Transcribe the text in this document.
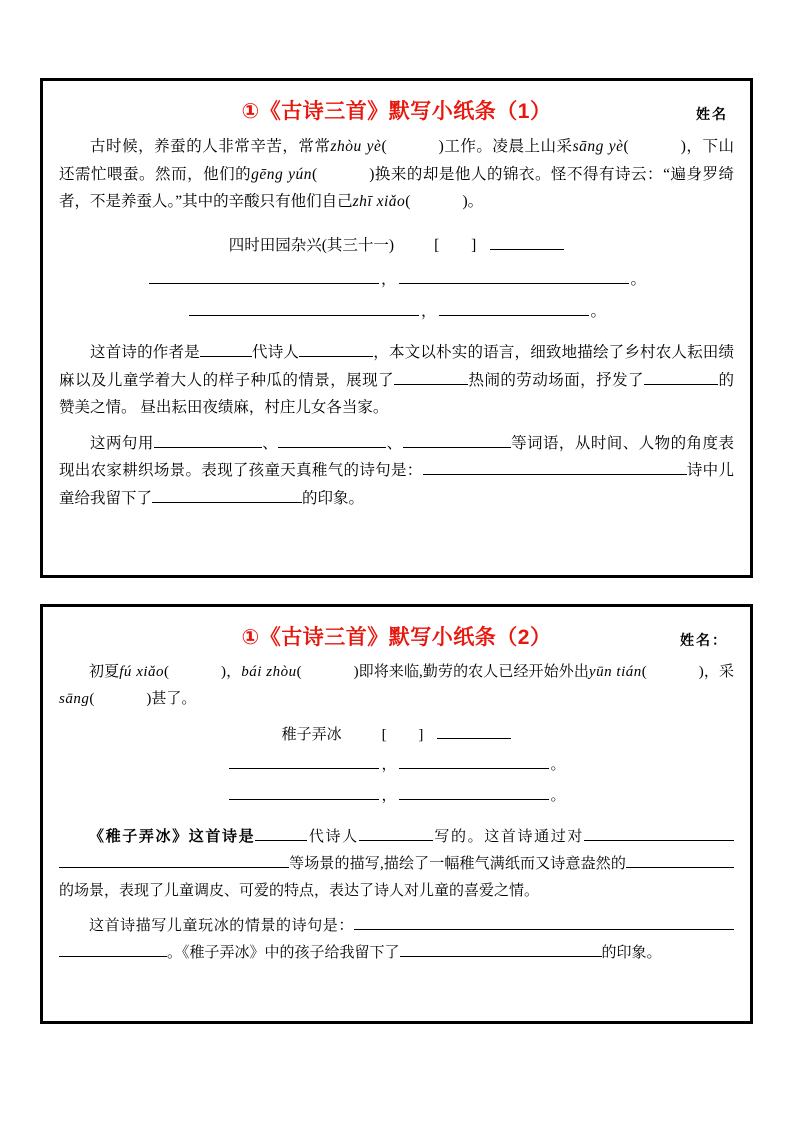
①《古诗三首》默写小纸条（1）	姓名

古时候，养蚕的人非常辛苦，常常zhòu yè(	)工作。凌晨上山采sāng yè(	)，下山还需忙喂蚕。然而，他们的gēng yún(	)换来的却是他人的锦衣。怪不得有诗云：“遍身罗绮者，不是养蚕人。”其中的辛酸只有他们自己zhī xiǎo(	)。

四时田园杂兴(其三十一)	[ ]
，	。
，	。

这首诗的作者是	代诗人	，本文以朴实的语言，细致地描绘了乡村农人耘田绩麻以及儿童学着大人的样子种瓜的情景，展现了	热闹的劳动场面，抒发了	的赞美之情。 昼出耘田夜绩麻，村庄儿女各当家。

这两句用	、	、	等词语，从时间、人物的角度表现出农家耕织场景。表现了孩童天真稚气的诗句是：	诗中儿童给我留下了	的印象。

①《古诗三首》默写小纸条（2）	姓名：

初夏fú xiǎo(	)，bái zhòu(	)即将来临,勤劳的农人已经开始外出yūn tián(	)，采sāng(	)甚了。

稚子弄冰	[ ]
，	。
，	。

《稚子弄冰》这首诗是	代诗人	写的。这首诗通过对等场景的描写,描绘了一幅稚气满纸而又诗意盎然的的场景，表现了儿童调皮、可爱的特点，表达了诗人对儿童的喜爱之情。

这首诗描写儿童玩冰的情景的诗句是：。《稚子弄冰》中的孩子给我留下了	的印象。
